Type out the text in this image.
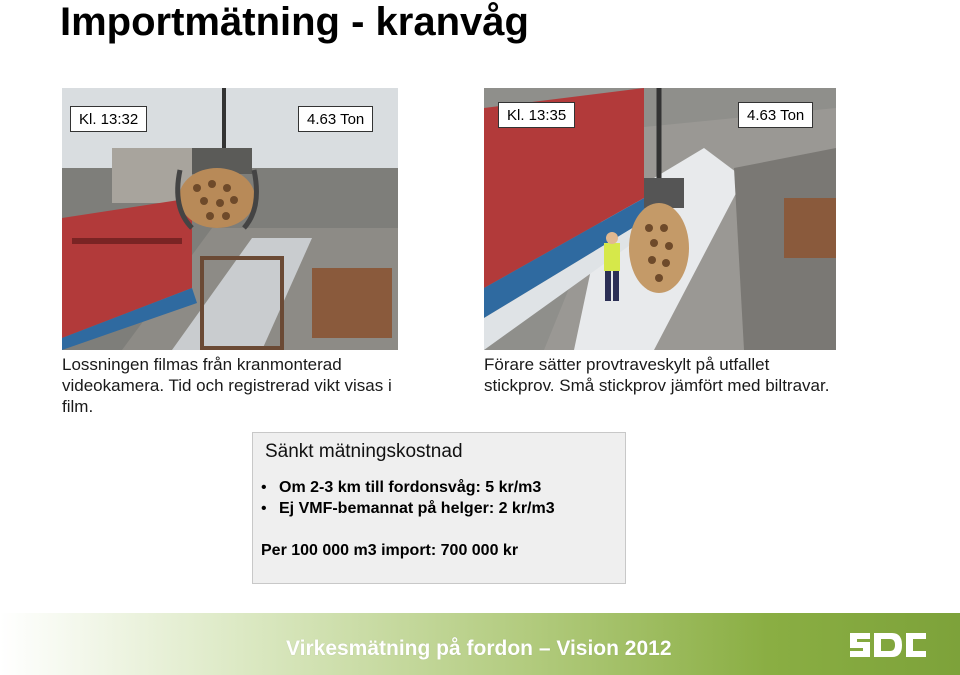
Importmätning - kranvåg
Kl. 13:32	4.63 Ton	Kl. 13:35	4.63 Ton
Lossningen filmas från kranmonterad videokamera. Tid och registrerad vikt visas i film.
Förare sätter provtraveskylt på utfallet stickprov. Små stickprov jämfört med biltravar.
Sänkt mätningskostnad
• Om 2-3 km till fordonsvåg: 5 kr/m3
• Ej VMF-bemannat på helger: 2 kr/m3
Per 100 000 m3 import: 700 000 kr
Virkesmätning på fordon – Vision 2012
